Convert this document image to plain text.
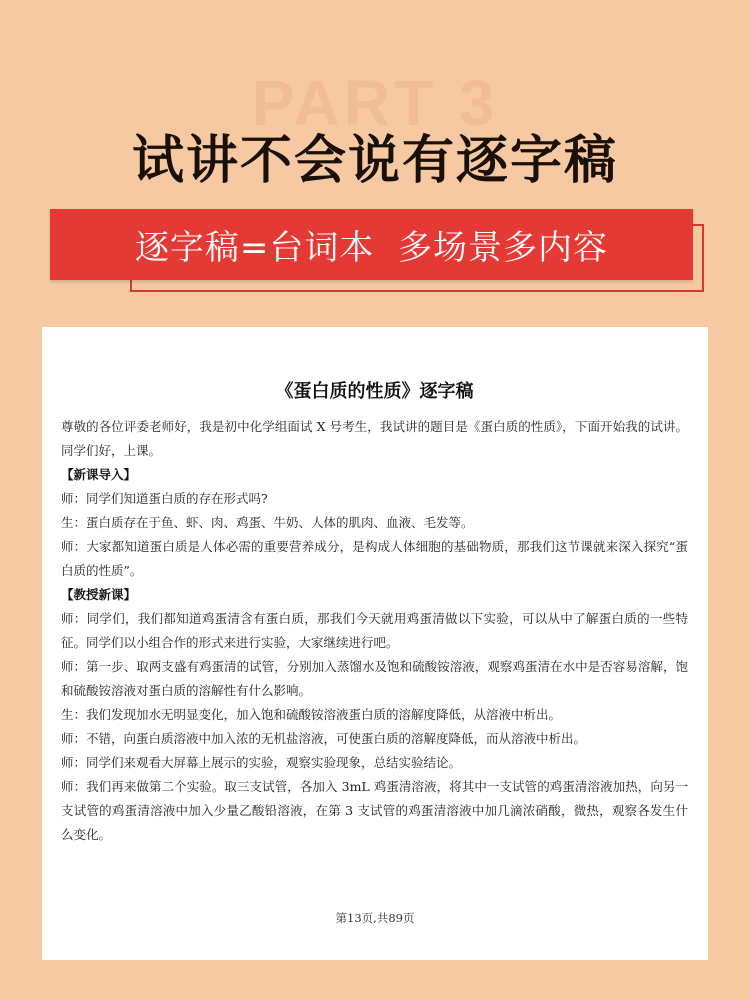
PART 3
试讲不会说有逐字稿
逐字稿=台词本  多场景多内容
《蛋白质的性质》逐字稿

尊敬的各位评委老师好，我是初中化学组面试 X 号考生，我试讲的题目是《蛋白质的性质》，下面开始我的试讲。同学们好，上课。

【新课导入】

师：同学们知道蛋白质的存在形式吗?

生：蛋白质存在于鱼、虾、肉、鸡蛋、牛奶、人体的肌肉、血液、毛发等。

师：大家都知道蛋白质是人体必需的重要营养成分，是构成人体细胞的基础物质，那我们这节课就来深入探究“蛋白质的性质”。

【教授新课】

师：同学们，我们都知道鸡蛋清含有蛋白质，那我们今天就用鸡蛋清做以下实验，可以从中了解蛋白质的一些特征。同学们以小组合作的形式来进行实验，大家继续进行吧。

师：第一步、取两支盛有鸡蛋清的试管，分别加入蒸馏水及饱和硫酸铵溶液，观察鸡蛋清在水中是否容易溶解，饱和硫酸铵溶液对蛋白质的溶解性有什么影响。

生：我们发现加水无明显变化，加入饱和硫酸铵溶液蛋白质的溶解度降低，从溶液中析出。

师：不错，向蛋白质溶液中加入浓的无机盐溶液，可使蛋白质的溶解度降低，而从溶液中析出。

师：同学们来观看大屏幕上展示的实验，观察实验现象，总结实验结论。

师：我们再来做第二个实验。取三支试管，各加入 3mL 鸡蛋清溶液，将其中一支试管的鸡蛋清溶液加热，向另一支试管的鸡蛋清溶液中加入少量乙酸铅溶液，在第 3 支试管的鸡蛋清溶液中加几滴浓硝酸，微热，观察各发生什么变化。

第13页,共89页
